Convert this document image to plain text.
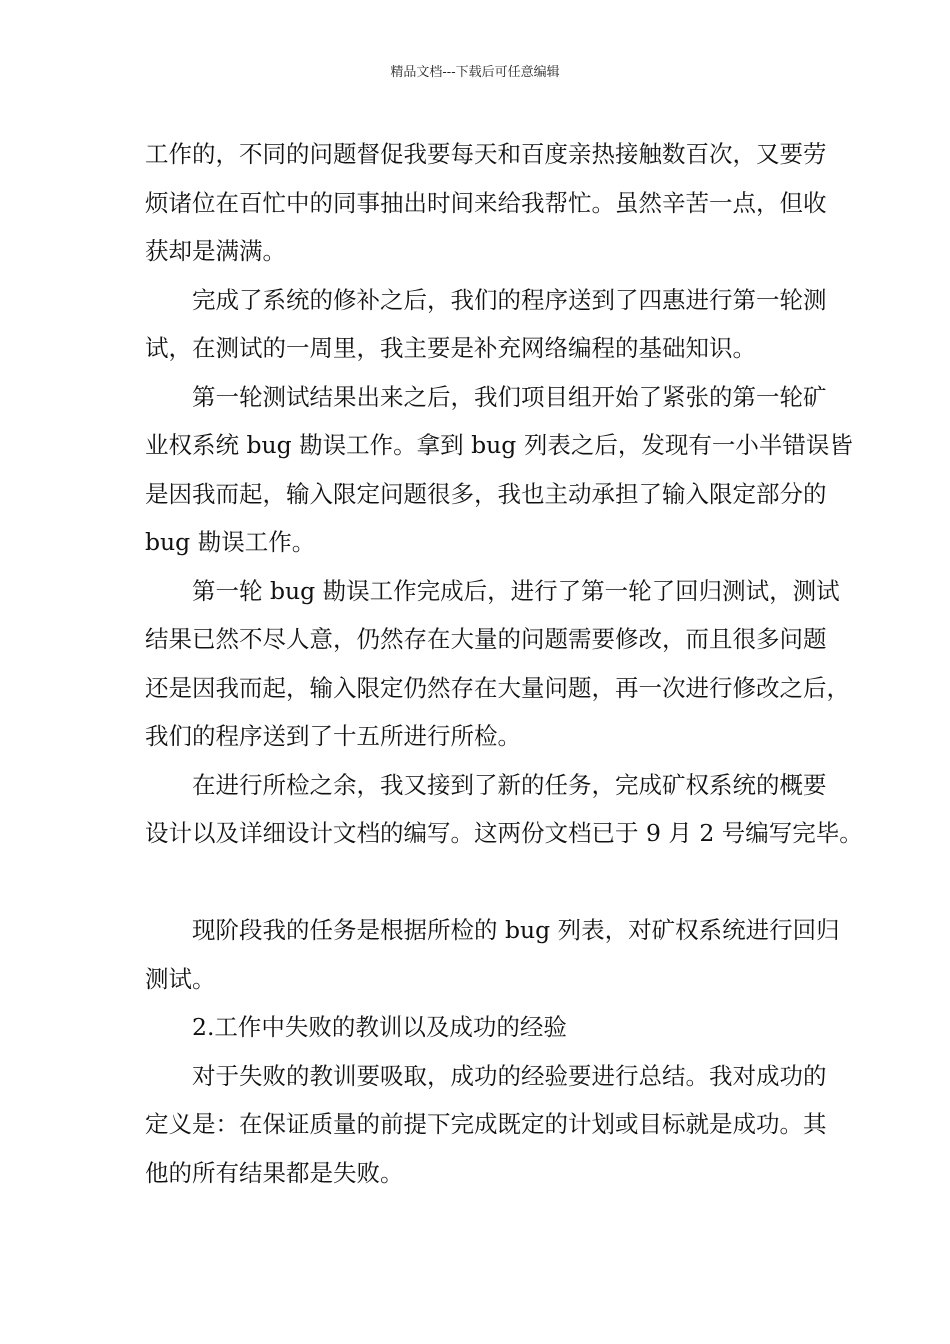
精品文档---下载后可任意编辑
工作的，不同的问题督促我要每天和百度亲热接触数百次，又要劳
烦诸位在百忙中的同事抽出时间来给我帮忙。虽然辛苦一点，但收
获却是满满。
完成了系统的修补之后，我们的程序送到了四惠进行第一轮测
试，在测试的一周里，我主要是补充网络编程的基础知识。
第一轮测试结果出来之后，我们项目组开始了紧张的第一轮矿
业权系统 bug 勘误工作。拿到 bug 列表之后，发现有一小半错误皆
是因我而起，输入限定问题很多，我也主动承担了输入限定部分的
bug 勘误工作。
第一轮 bug 勘误工作完成后，进行了第一轮了回归测试，测试
结果已然不尽人意，仍然存在大量的问题需要修改，而且很多问题
还是因我而起，输入限定仍然存在大量问题，再一次进行修改之后，
我们的程序送到了十五所进行所检。
在进行所检之余，我又接到了新的任务，完成矿权系统的概要
设计以及详细设计文档的编写。这两份文档已于 9 月 2 号编写完毕。
现阶段我的任务是根据所检的 bug 列表，对矿权系统进行回归
测试。
2.工作中失败的教训以及成功的经验
对于失败的教训要吸取，成功的经验要进行总结。我对成功的
定义是：在保证质量的前提下完成既定的计划或目标就是成功。其
他的所有结果都是失败。
